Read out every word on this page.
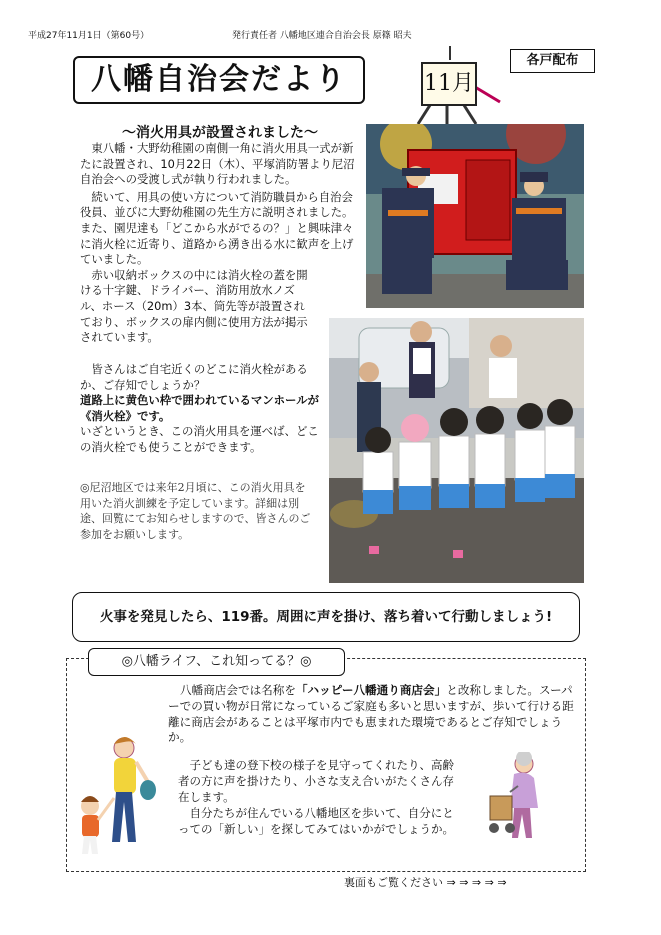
平成27年11月1日（第60号）	発行責任者 八幡地区連合自治会長 原篠 昭夫
各戸配布
八幡自治会だより	11月
～消火用具が設置されました～

東八幡・大野幼稚園の南側一角に消火用具一式が新たに設置され、10月22日（木）、平塚消防署より尼沼自治会への受渡し式が執り行われました。

続いて、用具の使い方について消防職員から自治会役員、並びに大野幼稚園の先生方に説明されました。また、園児達も「どこから水がでるの？」と興味津々に消火栓に近寄り、道路から湧き出る水に歓声を上げていました。

赤い収納ボックスの中には消火栓の蓋を開ける十字鍵、ドライバー、消防用放水ノズル、ホース（20m）3本、筒先等が設置されており、ボックスの扉内側に使用方法が掲示されています。

皆さんはご自宅近くのどこに消火栓があるか、ご存知でしょうか？

道路上に黄色い枠で囲われているマンホールが《消火栓》です。

いざというとき、この消火用具を運べば、どこの消火栓でも使うことができます。

◎尼沼地区では来年2月頃に、この消火用具を用いた消火訓練を予定しています。詳細は別途、回覧にてお知らせしますので、皆さんのご参加をお願いします。
火事を発見したら、119番。周囲に声を掛け、落ち着いて行動しましょう!
◎八幡ライフ、これ知ってる？◎
八幡商店会では名称を「ハッピー八幡通り商店会」と改称しました。スーパーでの買い物が日常になっているご家庭も多いと思いますが、歩いて行ける距離に商店会があることは平塚市内でも恵まれた環境であるとご存知でしょうか。

子ども達の登下校の様子を見守ってくれたり、高齢者の方に声を掛けたり、小さな支え合いがたくさん存在します。

自分たちが住んでいる八幡地区を歩いて、自分にとっての「新しい」を探してみてはいかがでしょうか。

裏面もご覧ください ⇒ ⇒ ⇒ ⇒ ⇒
